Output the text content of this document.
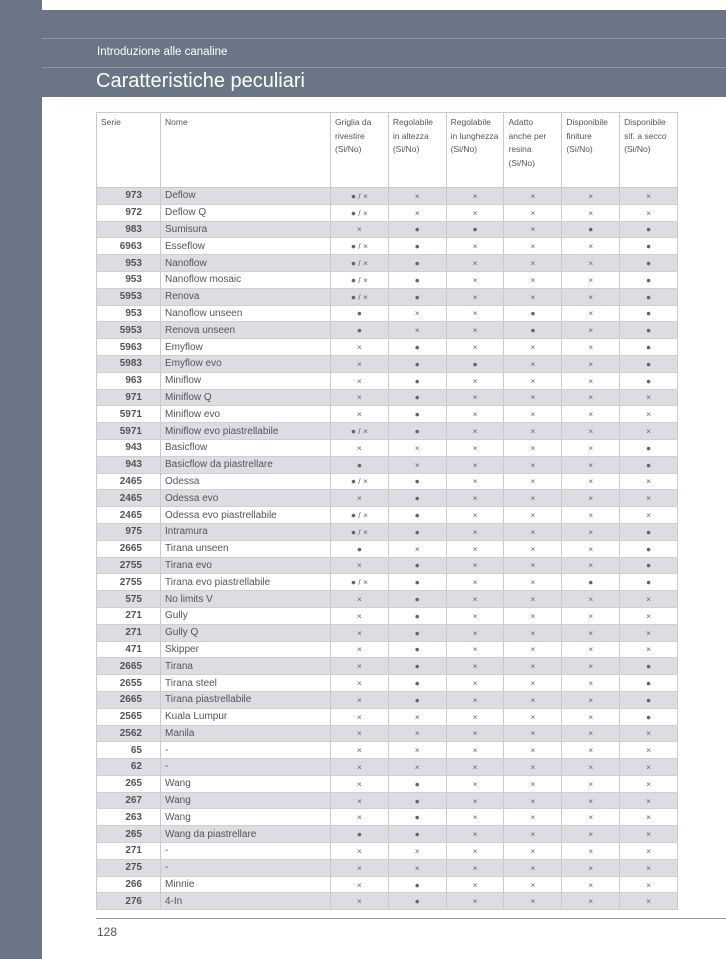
Introduzione alle canaline
Caratteristiche peculiari
Serie	Nome	Griglia da rivestire (Si/No)	Regolabile in altezza (Si/No)	Regolabile in lunghezza (Si/No)	Adatto anche per resina (Si/No)	Disponibile finiture (Si/No)	Disponibile sif. a secco (Si/No)
973	Deflow	● / ×	×	×	×	×	×
972	Deflow Q	● / ×	×	×	×	×	×
983	Sumisura	×	●	●	×	●	●
6963	Esseflow	● / ×	●	×	×	×	●
953	Nanoflow	● / ×	●	×	×	×	●
953	Nanoflow mosaic	● / ×	●	×	×	×	●
5953	Renova	● / ×	●	×	×	×	●
953	Nanoflow unseen	●	×	×	●	×	●
5953	Renova unseen	●	×	×	●	×	●
5963	Emyflow	×	●	×	×	×	●
5983	Emyflow evo	×	●	●	×	×	●
963	Miniflow	×	●	×	×	×	●
971	Miniflow Q	×	●	×	×	×	×
5971	Miniflow evo	×	●	×	×	×	×
5971	Miniflow evo piastrellabile	● / ×	●	×	×	×	×
943	Basicflow	×	×	×	×	×	●
943	Basicflow da piastrellare	●	×	×	×	×	●
2465	Odessa	● / ×	●	×	×	×	×
2465	Odessa evo	×	●	×	×	×	×
2465	Odessa evo piastrellabile	● / ×	●	×	×	×	×
975	Intramura	● / ×	●	×	×	×	●
2665	Tirana unseen	●	×	×	×	×	●
2755	Tirana evo	×	●	×	×	×	●
2755	Tirana evo piastrellabile	● / ×	●	×	×	●	●
575	No limits V	×	●	×	×	×	×
271	Gully	×	●	×	×	×	×
271	Gully Q	×	●	×	×	×	×
471	Skipper	×	●	×	×	×	×
2665	Tirana	×	●	×	×	×	●
2655	Tirana steel	×	●	×	×	×	●
2665	Tirana piastrellabile	×	●	×	×	×	●
2565	Kuala Lumpur	×	×	×	×	×	●
2562	Manila	×	×	×	×	×	×
65	-	×	×	×	×	×	×
62	-	×	×	×	×	×	×
265	Wang	×	●	×	×	×	×
267	Wang	×	●	×	×	×	×
263	Wang	×	●	×	×	×	×
265	Wang da piastrellare	●	●	×	×	×	×
271	-	×	×	×	×	×	×
275	-	×	×	×	×	×	×
266	Minnie	×	●	×	×	×	×
276	4-In	×	●	×	×	×	×
128
